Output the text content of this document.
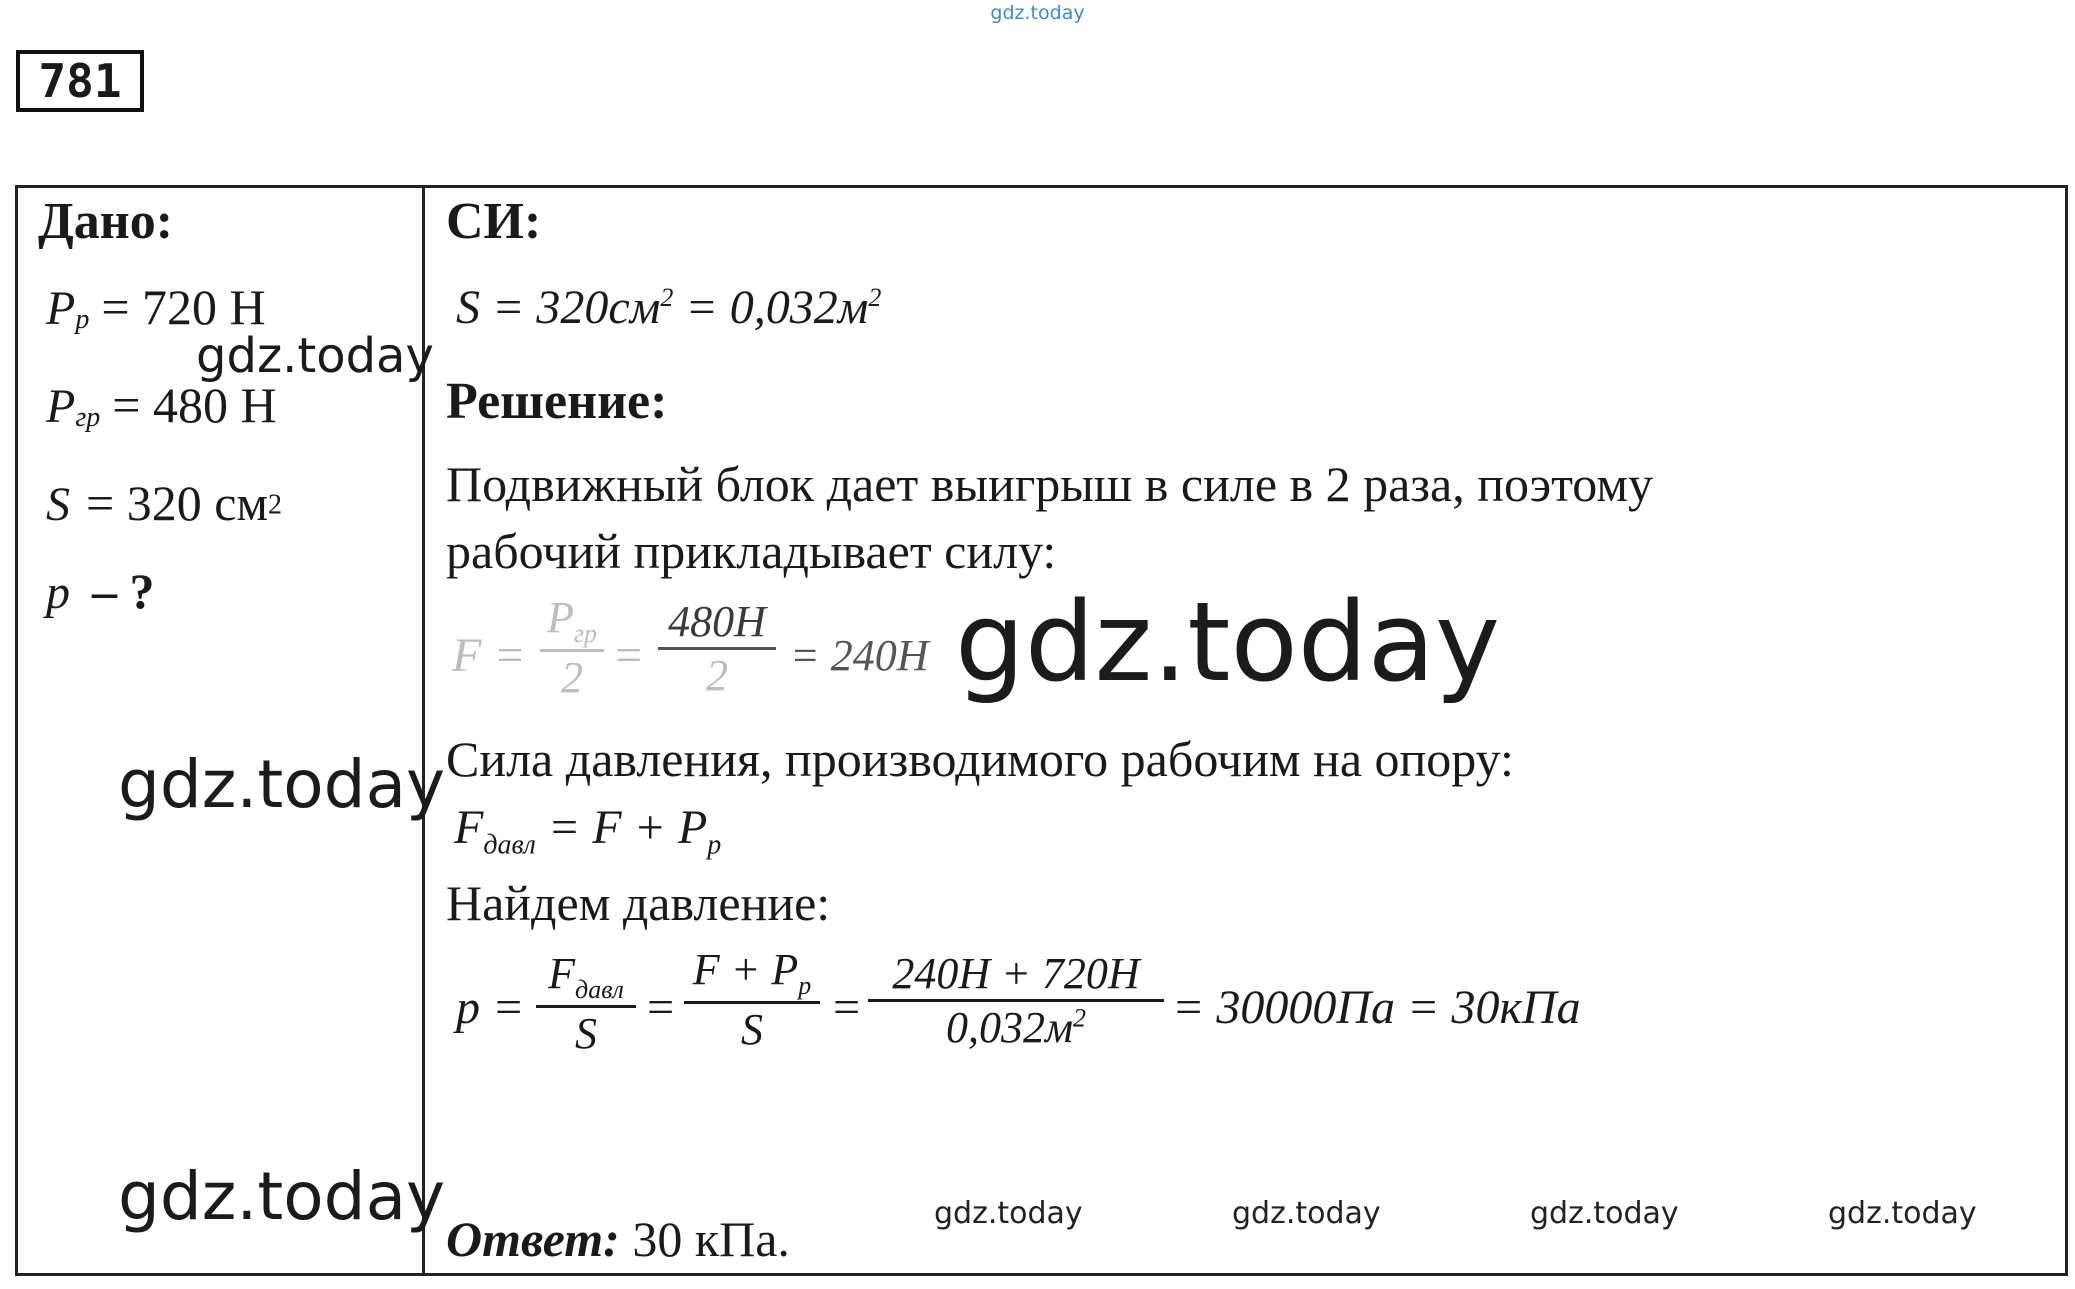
gdz.today
781
Дано:
$P_р = 720$ Н
$P_{гр} = 480$ Н
S = 320 $см^2$
p – ?
СИ:
$S = 320см^2 = 0,032м^2$
Решение:
Подвижный блок дает выигрыш в силе в 2 раза, поэтому
рабочий прикладывает силу:
F =
$P_{гр}$
2 =
480H
2 = 240H gdz.today
Сила давления, производимого рабочим на опору:
$F_{давл} = F + P_р$
Найдем давление:
p =
$F_{давл}$
S =
$F + P_р$
S =
240H + 720H
$0,032м^2 = 30000Па = 30кПа$
Ответ: 30 кПа.
gdz.today
gdz.today
gdz.today	gdz.today	gdz.today	gdz.today	gdz.today
